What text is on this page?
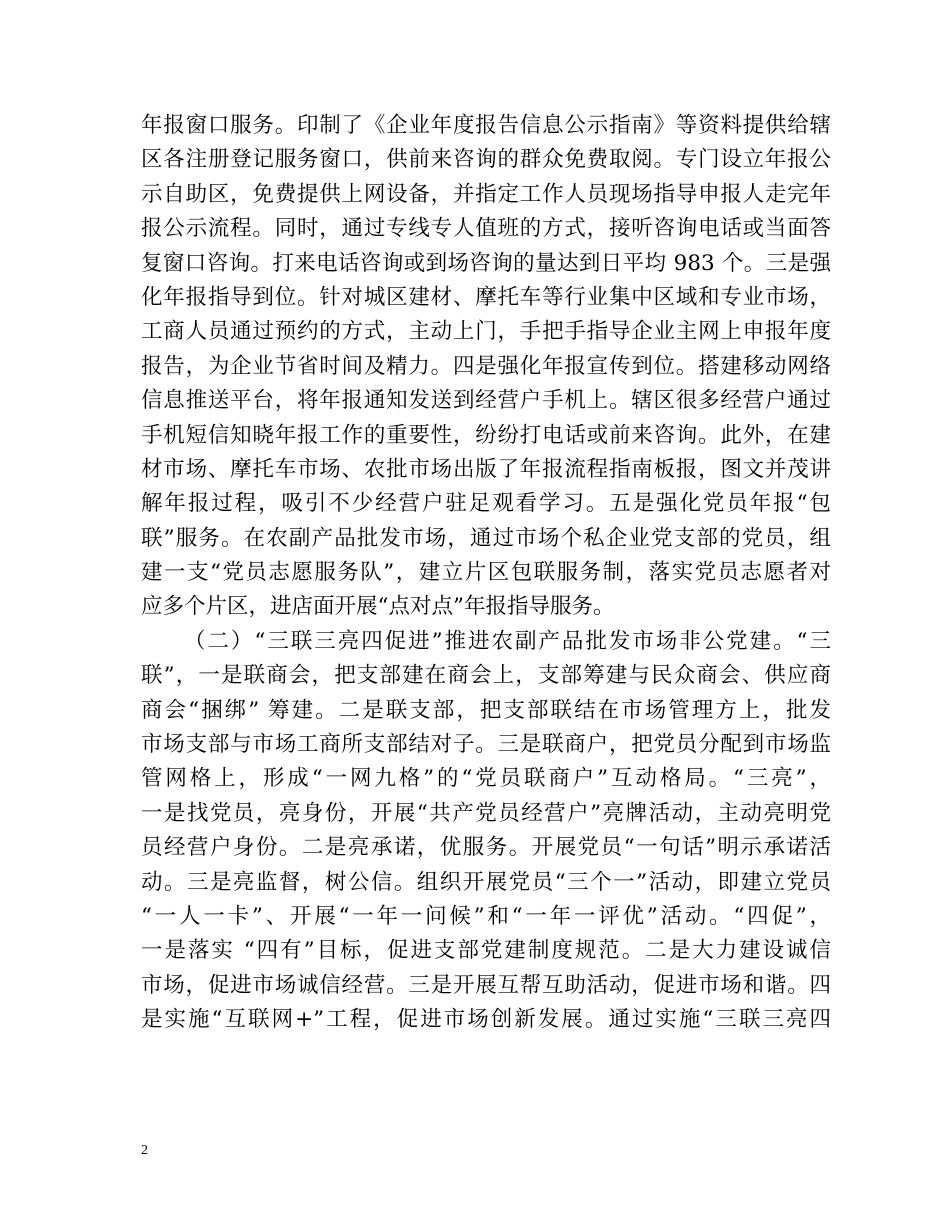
年报窗口服务。印制了《企业年度报告信息公示指南》等资料提供给辖
区各注册登记服务窗口，供前来咨询的群众免费取阅。专门设立年报公
示自助区，免费提供上网设备，并指定工作人员现场指导申报人走完年
报公示流程。同时，通过专线专人值班的方式，接听咨询电话或当面答
复窗口咨询。打来电话咨询或到场咨询的量达到日平均 983 个。三是强
化年报指导到位。针对城区建材、摩托车等行业集中区域和专业市场，
工商人员通过预约的方式，主动上门，手把手指导企业主网上申报年度
报告，为企业节省时间及精力。四是强化年报宣传到位。搭建移动网络
信息推送平台，将年报通知发送到经营户手机上。辖区很多经营户通过
手机短信知晓年报工作的重要性，纷纷打电话或前来咨询。此外，在建
材市场、摩托车市场、农批市场出版了年报流程指南板报，图文并茂讲
解年报过程，吸引不少经营户驻足观看学习。五是强化党员年报“包
联”服务。在农副产品批发市场，通过市场个私企业党支部的党员，组
建一支“党员志愿服务队”，建立片区包联服务制，落实党员志愿者对
应多个片区，进店面开展“点对点”年报指导服务。
（二）“三联三亮四促进”推进农副产品批发市场非公党建。“三
联”，一是联商会，把支部建在商会上，支部筹建与民众商会、供应商
商会“捆绑” 筹建。二是联支部，把支部联结在市场管理方上，批发
市场支部与市场工商所支部结对子。三是联商户，把党员分配到市场监
管网格上，形成“一网九格”的“党员联商户”互动格局。“三亮”，
一是找党员，亮身份，开展“共产党员经营户”亮牌活动，主动亮明党
员经营户身份。二是亮承诺，优服务。开展党员“一句话”明示承诺活
动。三是亮监督，树公信。组织开展党员“三个一”活动，即建立党员
“一人一卡”、开展“一年一问候”和“一年一评优”活动。“四促”，
一是落实 “四有”目标，促进支部党建制度规范。二是大力建设诚信
市场，促进市场诚信经营。三是开展互帮互助活动，促进市场和谐。四
是实施“互联网+”工程，促进市场创新发展。通过实施“三联三亮四
2
